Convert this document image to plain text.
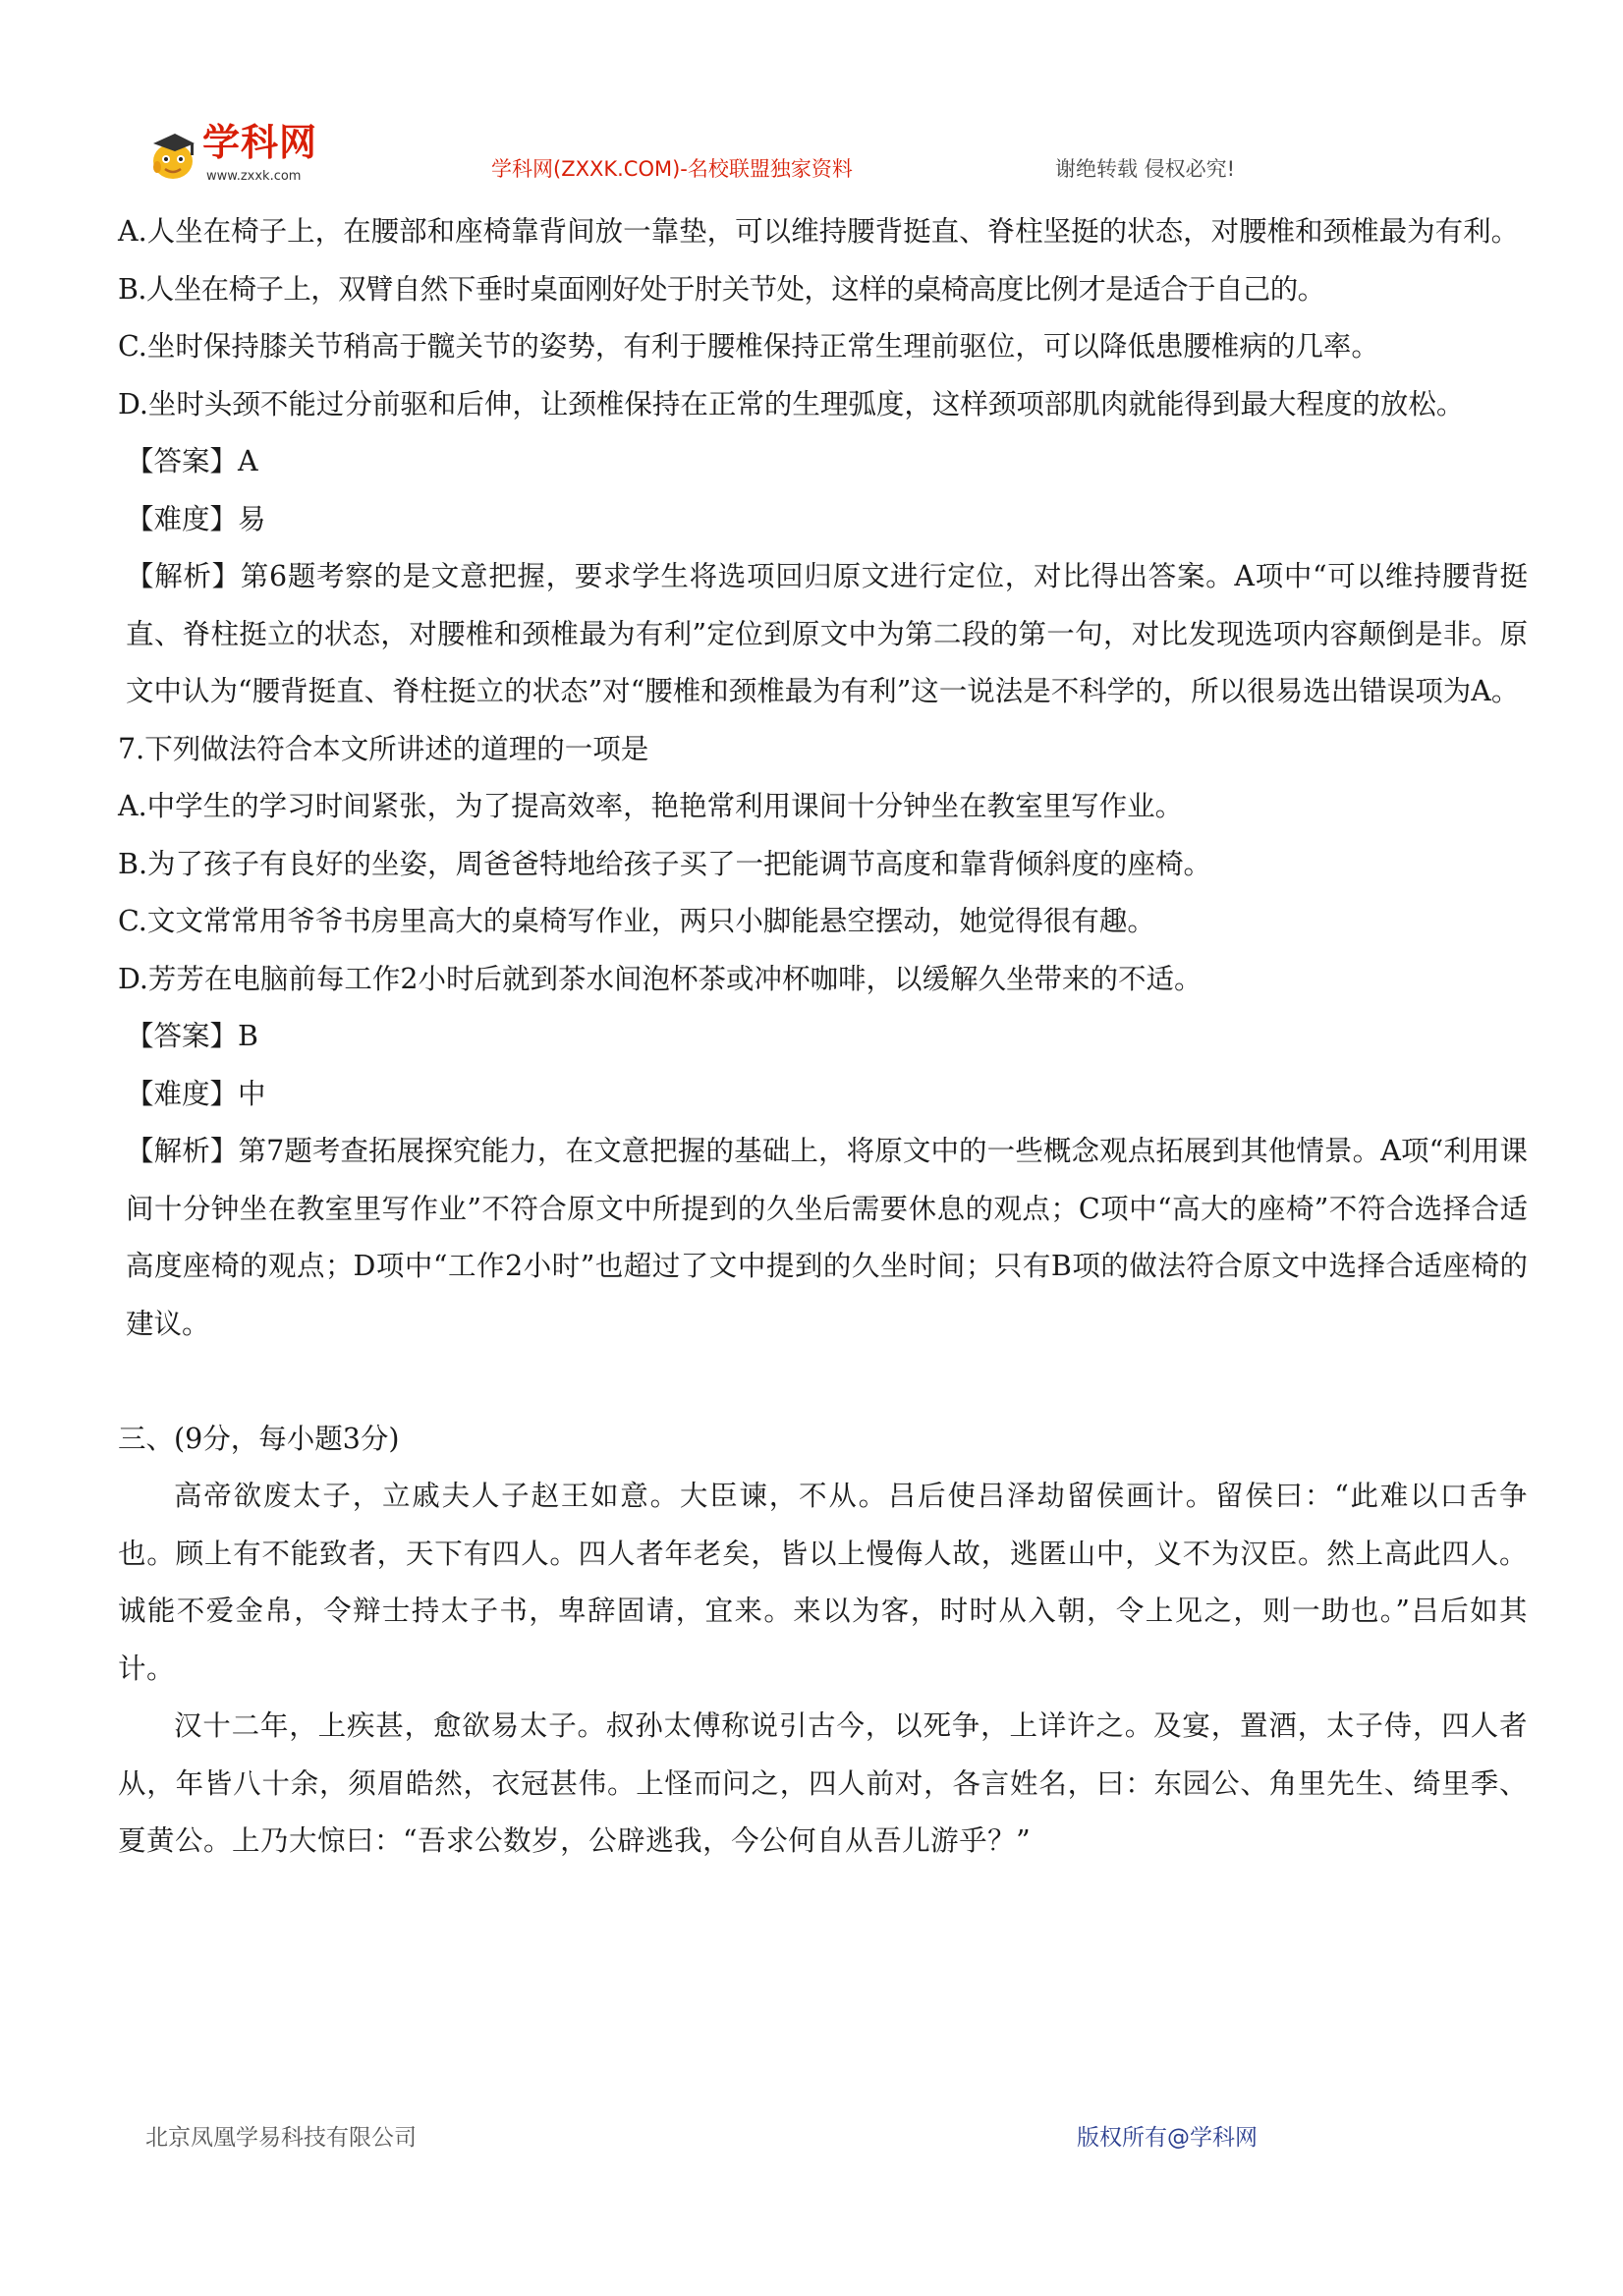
学科网
www.zxxk.com	学科网(ZXXK.COM)-名校联盟独家资料	谢绝转载 侵权必究!

A.人坐在椅子上，在腰部和座椅靠背间放一靠垫，可以维持腰背挺直、脊柱坚挺的状态，对腰椎和颈椎最为有利。

B.人坐在椅子上，双臂自然下垂时桌面刚好处于肘关节处，这样的桌椅高度比例才是适合于自己的。

C.坐时保持膝关节稍高于髋关节的姿势，有利于腰椎保持正常生理前驱位，可以降低患腰椎病的几率。

D.坐时头颈不能过分前驱和后伸，让颈椎保持在正常的生理弧度，这样颈项部肌肉就能得到最大程度的放松。

【答案】A

【难度】易

【解析】第6题考察的是文意把握，要求学生将选项回归原文进行定位，对比得出答案。A项中“可以维持腰背挺直、脊柱挺立的状态，对腰椎和颈椎最为有利”定位到原文中为第二段的第一句，对比发现选项内容颠倒是非。原文中认为“腰背挺直、脊柱挺立的状态”对“腰椎和颈椎最为有利”这一说法是不科学的，所以很易选出错误项为A。

7.下列做法符合本文所讲述的道理的一项是

A.中学生的学习时间紧张，为了提高效率，艳艳常利用课间十分钟坐在教室里写作业。

B.为了孩子有良好的坐姿，周爸爸特地给孩子买了一把能调节高度和靠背倾斜度的座椅。

C.文文常常用爷爷书房里高大的桌椅写作业，两只小脚能悬空摆动，她觉得很有趣。

D.芳芳在电脑前每工作2小时后就到茶水间泡杯茶或冲杯咖啡，以缓解久坐带来的不适。

【答案】B

【难度】中

【解析】第7题考查拓展探究能力，在文意把握的基础上，将原文中的一些概念观点拓展到其他情景。A项“利用课间十分钟坐在教室里写作业”不符合原文中所提到的久坐后需要休息的观点；C项中“高大的座椅”不符合选择合适高度座椅的观点；D项中“工作2小时”也超过了文中提到的久坐时间；只有B项的做法符合原文中选择合适座椅的建议。

三、(9分，每小题3分)

高帝欲废太子，立戚夫人子赵王如意。大臣谏，不从。吕后使吕泽劫留侯画计。留侯曰：“此难以口舌争也。顾上有不能致者，天下有四人。四人者年老矣，皆以上慢侮人故，逃匿山中，义不为汉臣。然上高此四人。诚能不爱金帛，令辩士持太子书，卑辞固请，宜来。来以为客，时时从入朝，令上见之，则一助也。”吕后如其计。

汉十二年，上疾甚，愈欲易太子。叔孙太傅称说引古今，以死争，上详许之。及宴，置酒，太子侍，四人者从，年皆八十余，须眉皓然，衣冠甚伟。上怪而问之，四人前对，各言姓名，曰：东园公、角里先生、绮里季、夏黄公。上乃大惊曰：“吾求公数岁，公辟逃我，今公何自从吾儿游乎？”

北京凤凰学易科技有限公司	版权所有@学科网
